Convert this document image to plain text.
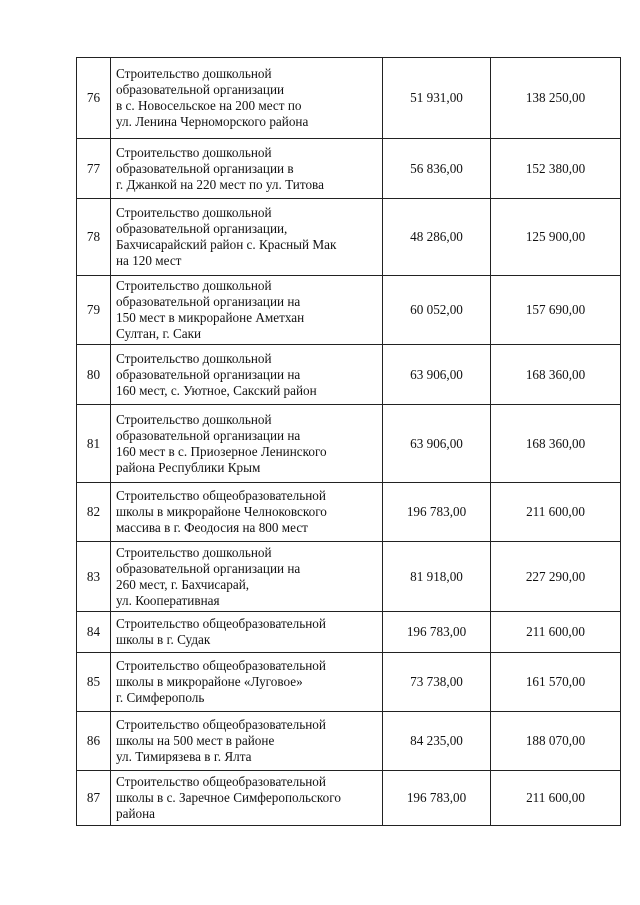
76	Строительство дошкольной
образовательной организации
в с. Новосельское на 200 мест по
ул. Ленина Черноморского района	51 931,00	138 250,00
77	Строительство дошкольной
образовательной организации в
г. Джанкой на 220 мест по ул. Титова	56 836,00	152 380,00
78	Строительство дошкольной
образовательной организации,
Бахчисарайский район с. Красный Мак
на 120 мест	48 286,00	125 900,00
79	Строительство дошкольной
образовательной организации на
150 мест в микрорайоне Аметхан
Султан, г. Саки	60 052,00	157 690,00
80	Строительство дошкольной
образовательной организации на
160 мест, с. Уютное, Сакский район	63 906,00	168 360,00
81	Строительство дошкольной
образовательной организации на
160 мест в с. Приозерное Ленинского
района Республики Крым	63 906,00	168 360,00
82	Строительство общеобразовательной
школы в микрорайоне Челноковского
массива в г. Феодосия на 800 мест	196 783,00	211 600,00
83	Строительство дошкольной
образовательной организации на
260 мест, г. Бахчисарай,
ул. Кооперативная	81 918,00	227 290,00
84	Строительство общеобразовательной
школы в г. Судак	196 783,00	211 600,00
85	Строительство общеобразовательной
школы в микрорайоне «Луговое»
г. Симферополь	73 738,00	161 570,00
86	Строительство общеобразовательной
школы на 500 мест в районе
ул. Тимирязева в г. Ялта	84 235,00	188 070,00
87	Строительство общеобразовательной
школы в с. Заречное Симферопольского
района	196 783,00	211 600,00
